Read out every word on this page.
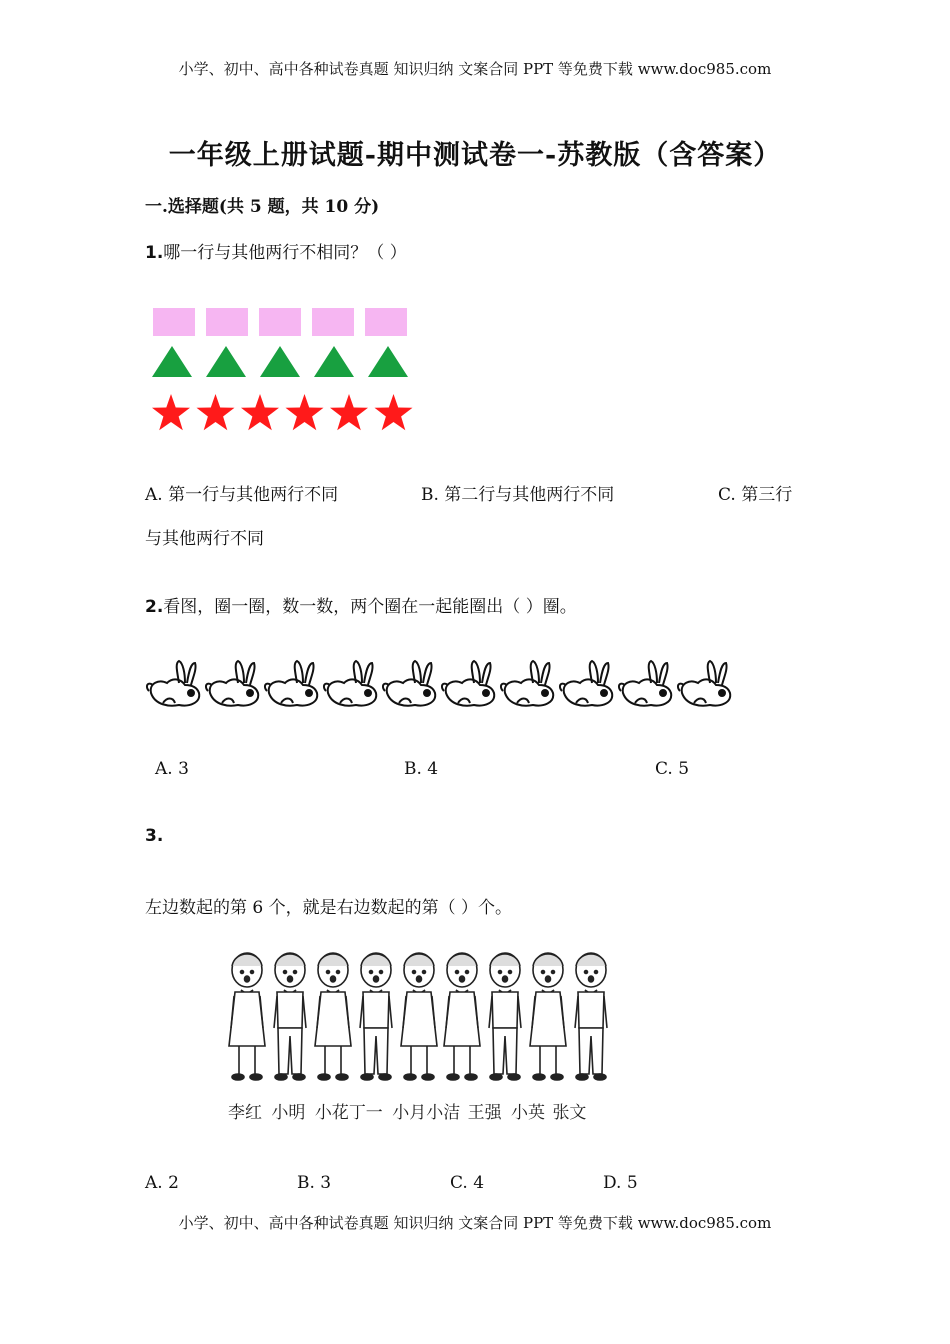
小学、初中、高中各种试卷真题 知识归纳 文案合同 PPT 等免费下载 www.doc985.com
一年级上册试题-期中测试卷一-苏教版（含答案）
一.选择题(共 5 题，共 10 分)
1.哪一行与其他两行不相同？（ ）
A. 第一行与其他两行不同	B. 第二行与其他两行不同	C. 第三行
与其他两行不同
2.看图，圈一圈，数一数，两个圈在一起能圈出（ ）圈。
A. 3	B. 4	C. 5
3.
左边数起的第 6 个，就是右边数起的第（ ）个。
李红 小明 小花丁一 小月小洁 王强 小英 张文
A. 2	B. 3	C. 4	D. 5
小学、初中、高中各种试卷真题 知识归纳 文案合同 PPT 等免费下载 www.doc985.com
